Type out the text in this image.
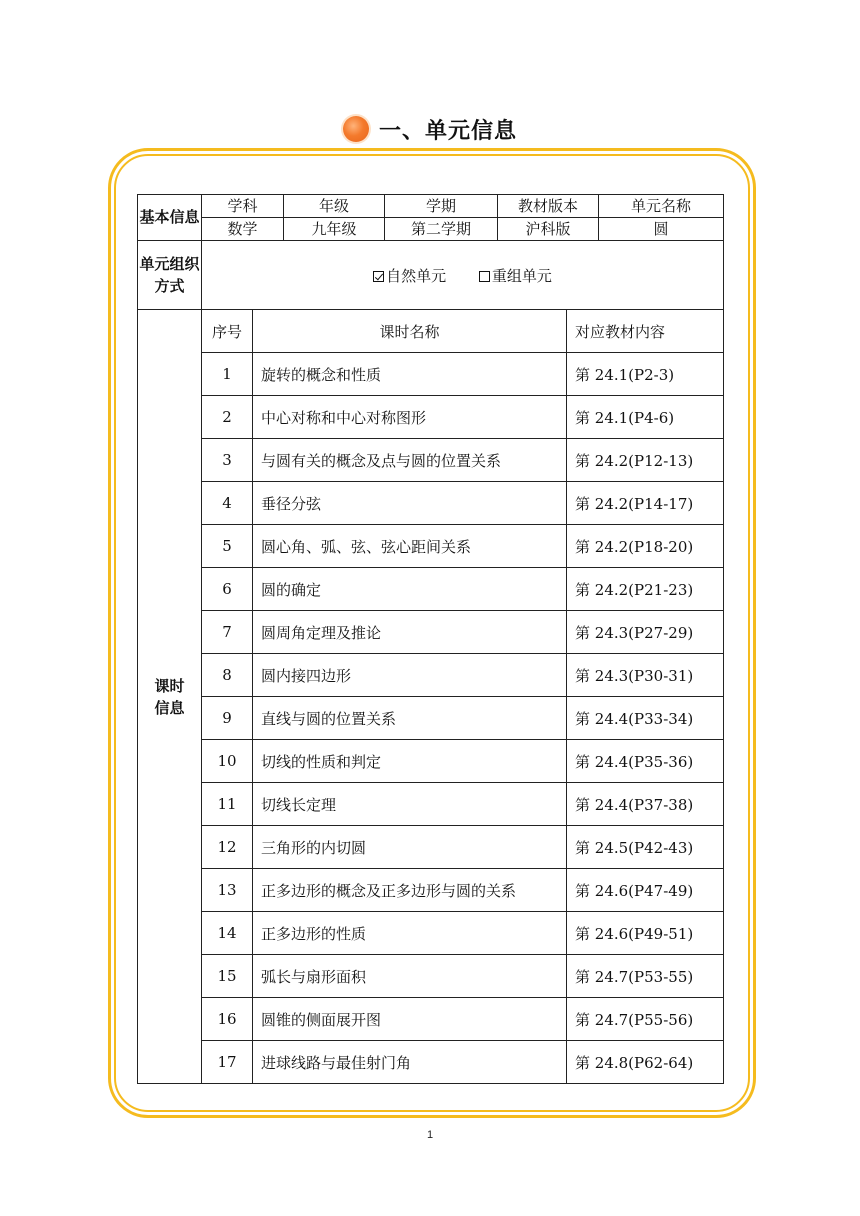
一、单元信息
基本信息	学科		年级	学期	教材版本		单元名称
	数学		九年级	第二学期	沪科版		圆
单元组织方式	自然单元 重组单元						
课时信息	序号	课时名称				对应教材内容	
	1	旋转的概念和性质				第 24.1(P2-3)	
	2	中心对称和中心对称图形				第 24.1(P4-6)	
	3	与圆有关的概念及点与圆的位置关系				第 24.2(P12-13)	
	4	垂径分弦				第 24.2(P14-17)	
	5	圆心角、弧、弦、弦心距间关系				第 24.2(P18-20)	
	6	圆的确定				第 24.2(P21-23)	
	7	圆周角定理及推论				第 24.3(P27-29)	
	8	圆内接四边形				第 24.3(P30-31)	
	9	直线与圆的位置关系				第 24.4(P33-34)	
	10	切线的性质和判定				第 24.4(P35-36)	
	11	切线长定理				第 24.4(P37-38)	
	12	三角形的内切圆				第 24.5(P42-43)	
	13	正多边形的概念及正多边形与圆的关系				第 24.6(P47-49)	
	14	正多边形的性质				第 24.6(P49-51)	
	15	弧长与扇形面积				第 24.7(P53-55)	
	16	圆锥的侧面展开图				第 24.7(P55-56)	
	17	进球线路与最佳射门角				第 24.8(P62-64)	
1
